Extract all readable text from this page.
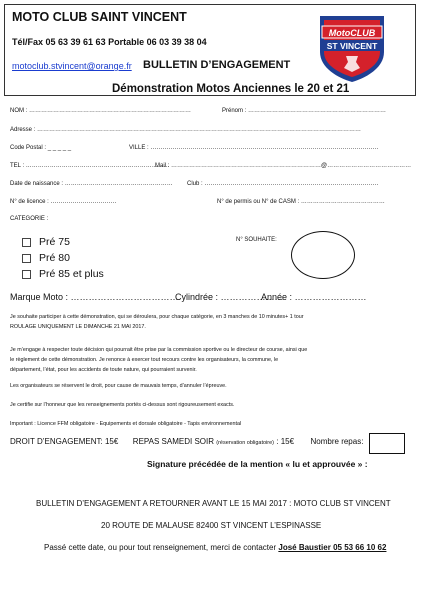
MOTO CLUB SAINT VINCENT
Tél/Fax 05 63 39 61 63 Portable 06 03 39 38 04
motoclub.stvincent@orange.fr BULLETIN D’ENGAGEMENT
Démonstration Motos Anciennes le 20 et 21
MotoCLUB
ST VINCENT
NOM : ………………………………………………………………………	Prénom : ……………………………………………………………
Adresse : ………………………………………………………………………………………………………………………………………………
Code Postal : _ _ _ _ _	VILLE : ……………………………………………………………………………………………………
TEL : ………………………………………………………………
Mail : …………………………………………………………………@……………………………………
Date de naissance : ……………………………………………… Club : ……………………………………………………………………………
N° de licence : ……………………………	N° de permis ou N° de CASM : ……………………………………
CATEGORIE :
N° SOUHAITE:
Pré 75
Pré 80
Pré 85 et plus
Marque Moto : ………………………………
Cylindrée : …………………
Année : ……………………
Je souhaite participer à cette démonstration, qui se déroulera, pour chaque catégorie, en 3 manches de 10 minutes+ 1 tour
ROULAGE UNIQUEMENT LE DIMANCHE 21 MAI 2017.
Je m’engage à respecter toute décision qui pourrait être prise par la commission sportive ou le directeur de course, ainsi que
le règlement de cette démonstration. Je renonce à exercer tout recours contre les organisateurs, la commune, le
département, l’état, pour les accidents de toute nature, qui pourraient survenir.
Les organisateurs se réservent le droit, pour cause de mauvais temps, d’annuler l’épreuve.
Je certifie sur l’honneur que les renseignements portés ci-dessus sont rigoureusement exacts.
Important : Licence FFM obligatoire - Equipements et dorsale obligatoire - Tapis environnemental
DROIT D’ENGAGEMENT: 15€ REPAS SAMEDI SOIR (réservation obligatoire) : 15€ Nombre repas:
Signature précédée de la mention « lu et approuvée » :
BULLETIN D’ENGAGEMENT A RETOURNER AVANT LE 15 MAI 2017 : MOTO CLUB ST VINCENT
20 ROUTE DE MALAUSE 82400 ST VINCENT L’ESPINASSE
Passé cette date, ou pour tout renseignement, merci de contacter José Baustier 05 53 66 10 62
